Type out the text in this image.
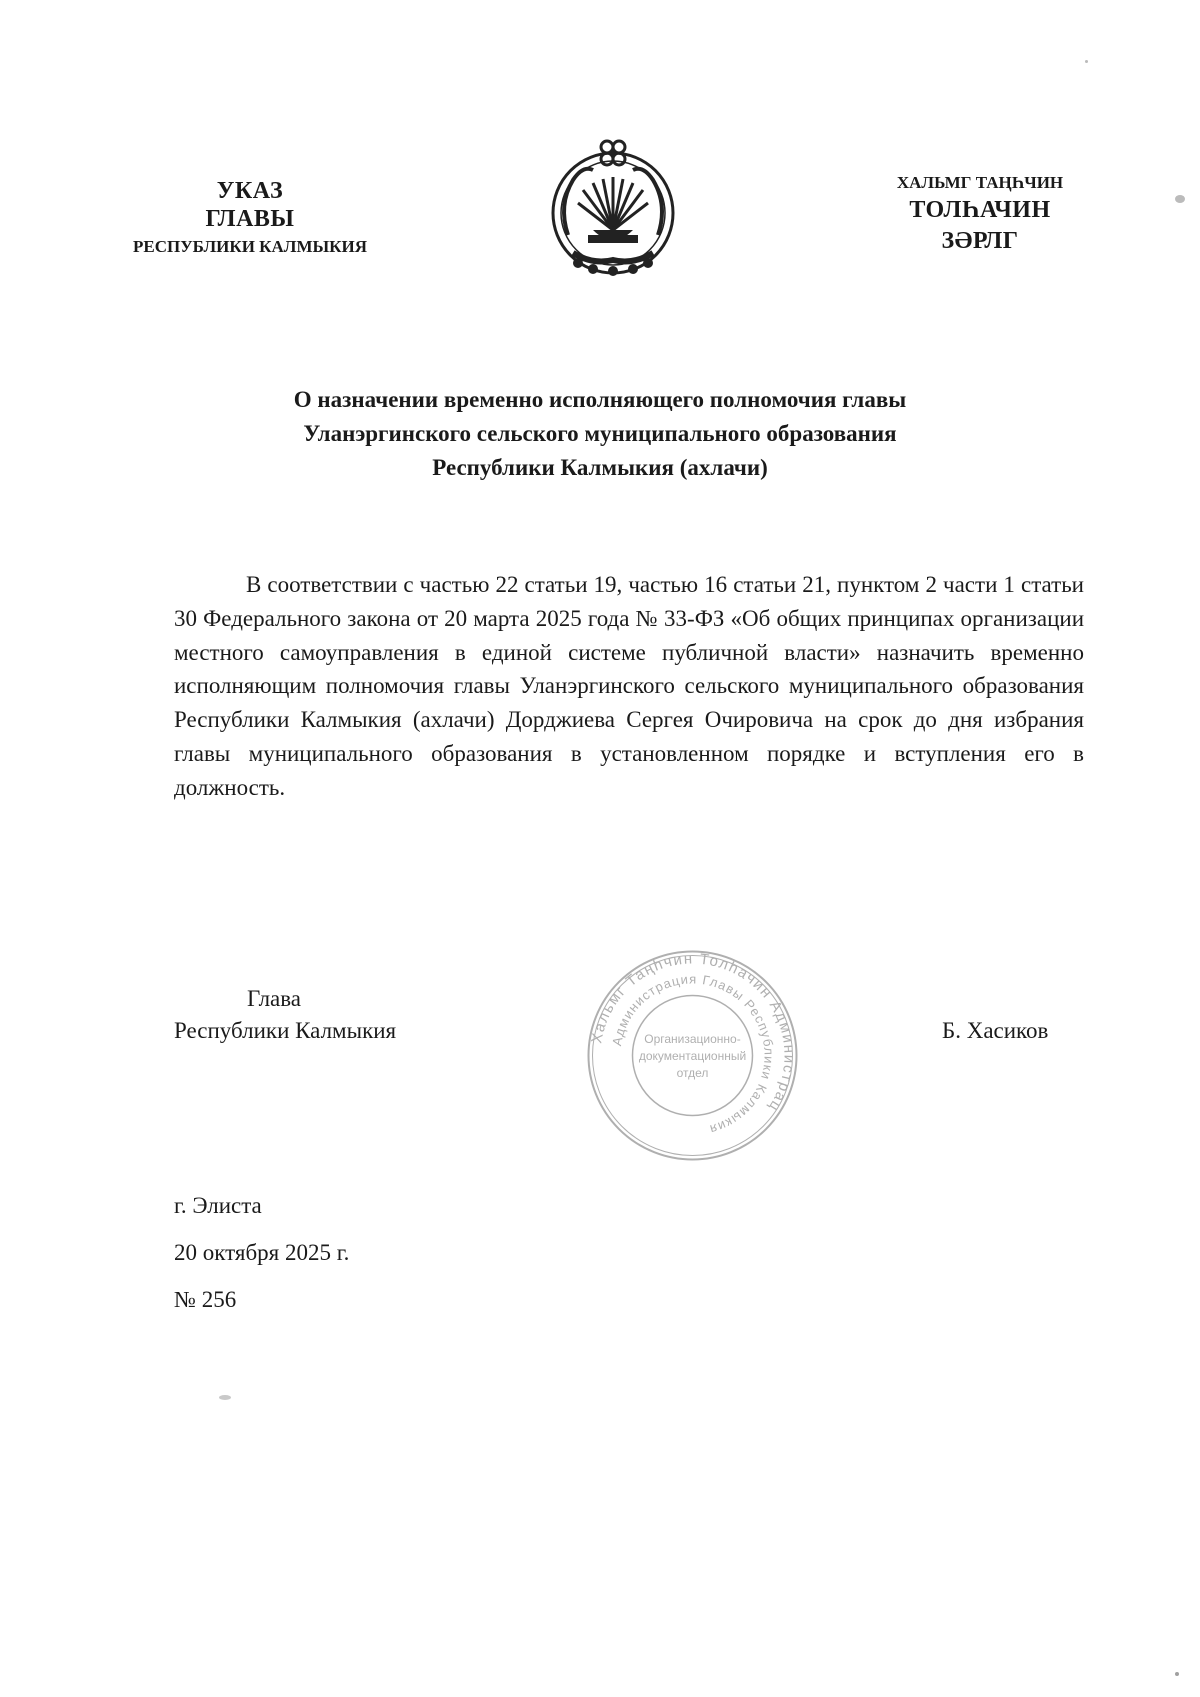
УКАЗ
ГЛАВЫ
РЕСПУБЛИКИ КАЛМЫКИЯ
ХАЛЬМГ ТАҢҺЧИН
ТОЛҺАЧИН
ЗӘРЛГ
О назначении временно исполняющего полномочия главы
Уланэргинского сельского муниципального образования
Республики Калмыкия (ахлачи)

В соответствии с частью 22 статьи 19, частью 16 статьи 21, пунктом 2 части 1 статьи 30 Федерального закона от 20 марта 2025 года № 33-ФЗ «Об общих принципах организации местного самоуправления в единой системе публичной власти» назначить временно исполняющим полномочия главы Уланэргинского сельского муниципального образования Республики Калмыкия (ахлачи) Дорджиева Сергея Очировича на срок до дня избрания главы муниципального образования в установленном порядке и вступления его в должность.

Глава
Республики Калмыкия	Хальмг Таңһчин Толһачин Администрац
Администрация Главы Республики Калмыкия
Организационно-
документационный
отдел
Б. Хасиков
г. Элиста
20 октября 2025 г.
№ 256
